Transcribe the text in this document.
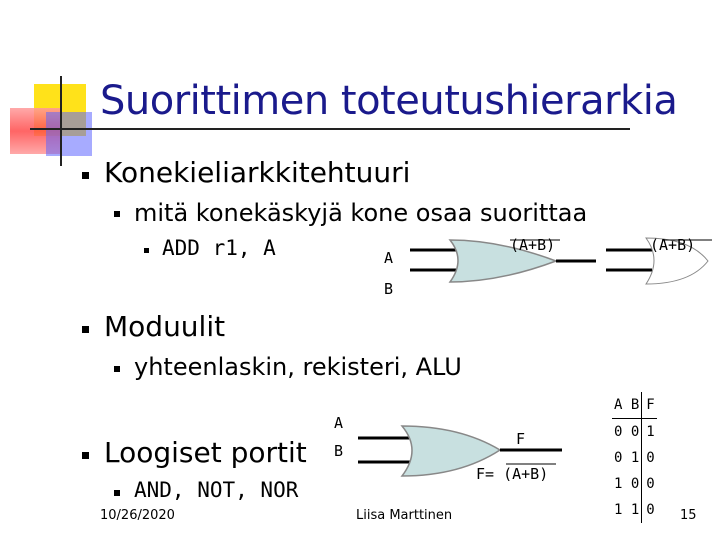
Suorittimen toteutushierarkia
Konekieliarkkitehtuuri
mitä konekäskyjä kone osaa suorittaa
ADD r1, A
Moduulit
yhteenlaskin, rekisteri, ALU
Loogiset portit
AND, NOT, NOR
A
B
(A+B)	(A+B)
A
B
F
F= (A+B)
A B	F
0 0	1
0 1	0
1 0	0
1 1	0
10/26/2020	Liisa Marttinen	15
